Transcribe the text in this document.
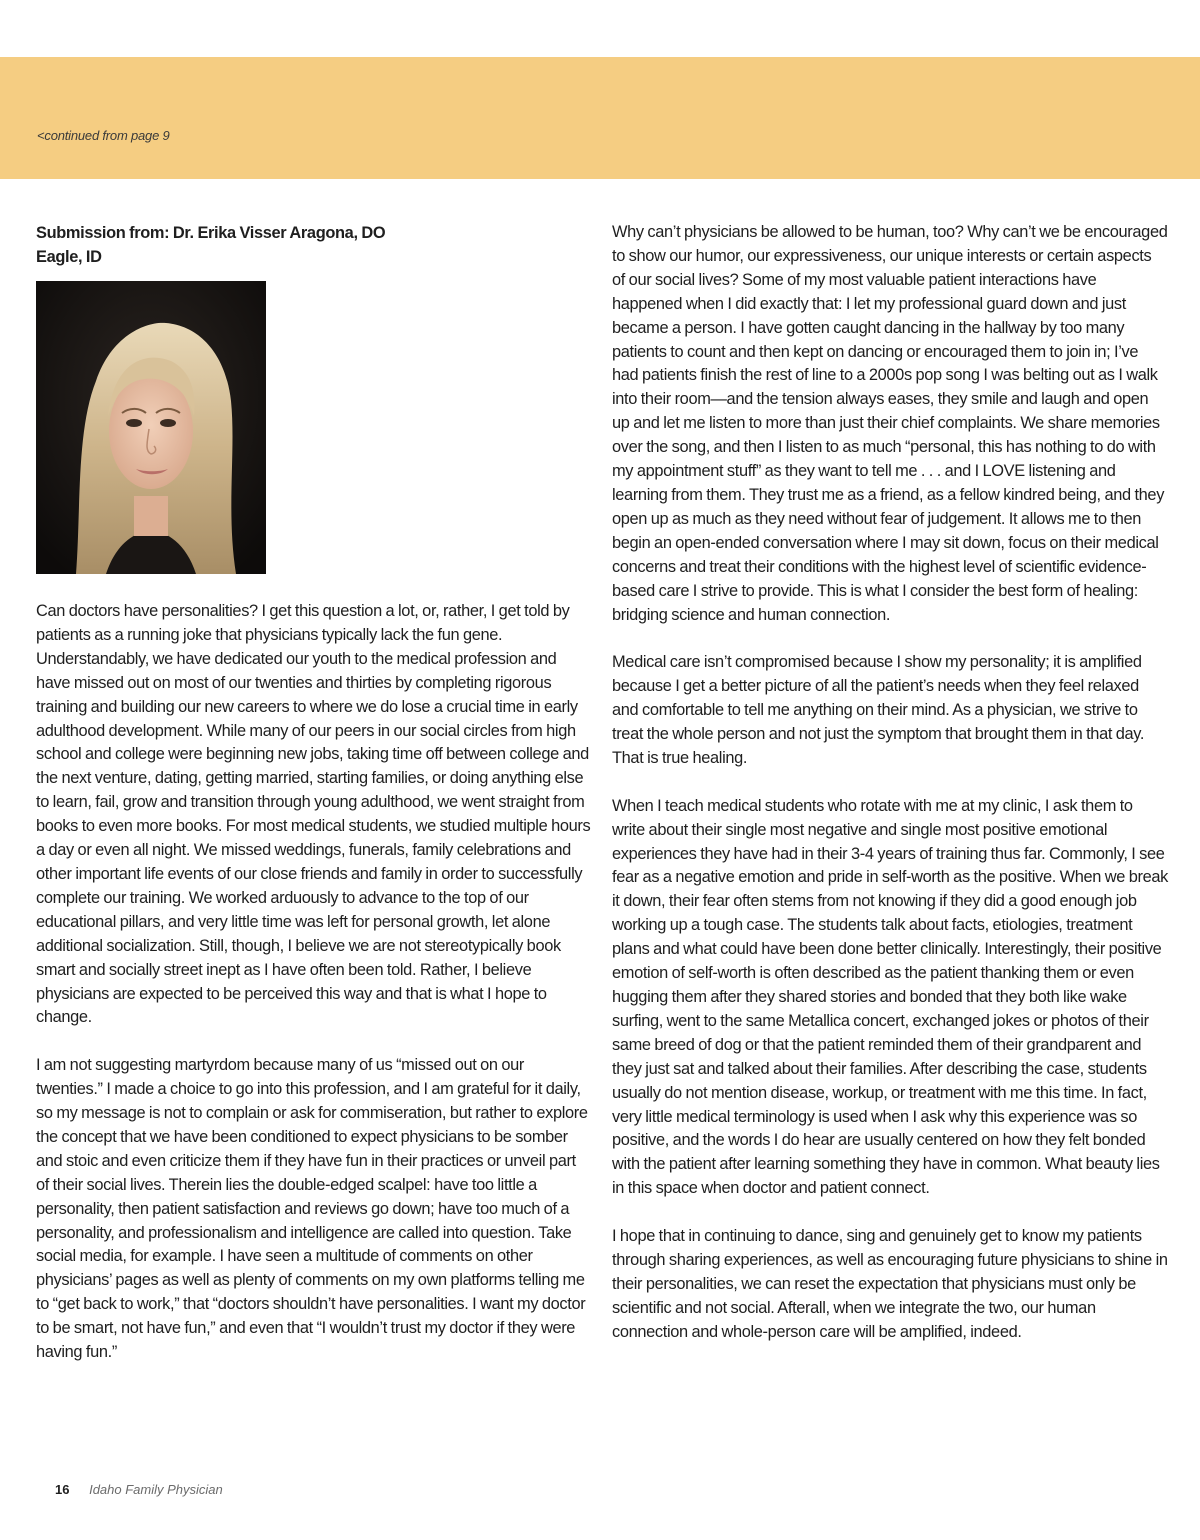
<continued from page 9
Submission from: Dr. Erika Visser Aragona, DO
Eagle, ID

Can doctors have personalities? I get this question a lot, or, rather, I get told by patients as a running joke that physicians typically lack the fun gene. Understandably, we have dedicated our youth to the medical profession and have missed out on most of our twenties and thirties by completing rigorous training and building our new careers to where we do lose a crucial time in early adulthood development. While many of our peers in our social circles from high school and college were beginning new jobs, taking time off between college and the next venture, dating, getting married, starting families, or doing anything else to learn, fail, grow and transition through young adulthood, we went straight from books to even more books. For most medical students, we studied multiple hours a day or even all night. We missed weddings, funerals, family celebrations and other important life events of our close friends and family in order to successfully complete our training. We worked arduously to advance to the top of our educational pillars, and very little time was left for personal growth, let alone additional socialization. Still, though, I believe we are not stereotypically book smart and socially street inept as I have often been told. Rather, I believe physicians are expected to be perceived this way and that is what I hope to change.

I am not suggesting martyrdom because many of us “missed out on our twenties.” I made a choice to go into this profession, and I am grateful for it daily, so my message is not to complain or ask for commiseration, but rather to explore the concept that we have been conditioned to expect physicians to be somber and stoic and even criticize them if they have fun in their practices or unveil part of their social lives. Therein lies the double-edged scalpel: have too little a personality, then patient satisfaction and reviews go down; have too much of a personality, and professionalism and intelligence are called into question. Take social media, for example. I have seen a multitude of comments on other physicians’ pages as well as plenty of comments on my own platforms telling me to “get back to work,” that “doctors shouldn’t have personalities. I want my doctor to be smart, not have fun,” and even that “I wouldn’t trust my doctor if they were having fun.”

Why can’t physicians be allowed to be human, too? Why can’t we be encouraged to show our humor, our expressiveness, our unique interests or certain aspects of our social lives? Some of my most valuable patient interactions have happened when I did exactly that: I let my professional guard down and just became a person. I have gotten caught dancing in the hallway by too many patients to count and then kept on dancing or encouraged them to join in; I’ve had patients finish the rest of line to a 2000s pop song I was belting out as I walk into their room—and the tension always eases, they smile and laugh and open up and let me listen to more than just their chief complaints. We share memories over the song, and then I listen to as much “personal, this has nothing to do with my appointment stuff” as they want to tell me . . . and I LOVE listening and learning from them. They trust me as a friend, as a fellow kindred being, and they open up as much as they need without fear of judgement. It allows me to then begin an open-ended conversation where I may sit down, focus on their medical concerns and treat their conditions with the highest level of scientific evidence-based care I strive to provide. This is what I consider the best form of healing: bridging science and human connection.

Medical care isn’t compromised because I show my personality; it is amplified because I get a better picture of all the patient’s needs when they feel relaxed and comfortable to tell me anything on their mind. As a physician, we strive to treat the whole person and not just the symptom that brought them in that day. That is true healing.

When I teach medical students who rotate with me at my clinic, I ask them to write about their single most negative and single most positive emotional experiences they have had in their 3-4 years of training thus far. Commonly, I see fear as a negative emotion and pride in self-worth as the positive. When we break it down, their fear often stems from not knowing if they did a good enough job working up a tough case. The students talk about facts, etiologies, treatment plans and what could have been done better clinically. Interestingly, their positive emotion of self-worth is often described as the patient thanking them or even hugging them after they shared stories and bonded that they both like wake surfing, went to the same Metallica concert, exchanged jokes or photos of their same breed of dog or that the patient reminded them of their grandparent and they just sat and talked about their families. After describing the case, students usually do not mention disease, workup, or treatment with me this time. In fact, very little medical terminology is used when I ask why this experience was so positive, and the words I do hear are usually centered on how they felt bonded with the patient after learning something they have in common. What beauty lies in this space when doctor and patient connect.

I hope that in continuing to dance, sing and genuinely get to know my patients through sharing experiences, as well as encouraging future physicians to shine in their personalities, we can reset the expectation that physicians must only be scientific and not social. Afterall, when we integrate the two, our human connection and whole-person care will be amplified, indeed.

16 Idaho Family Physician
